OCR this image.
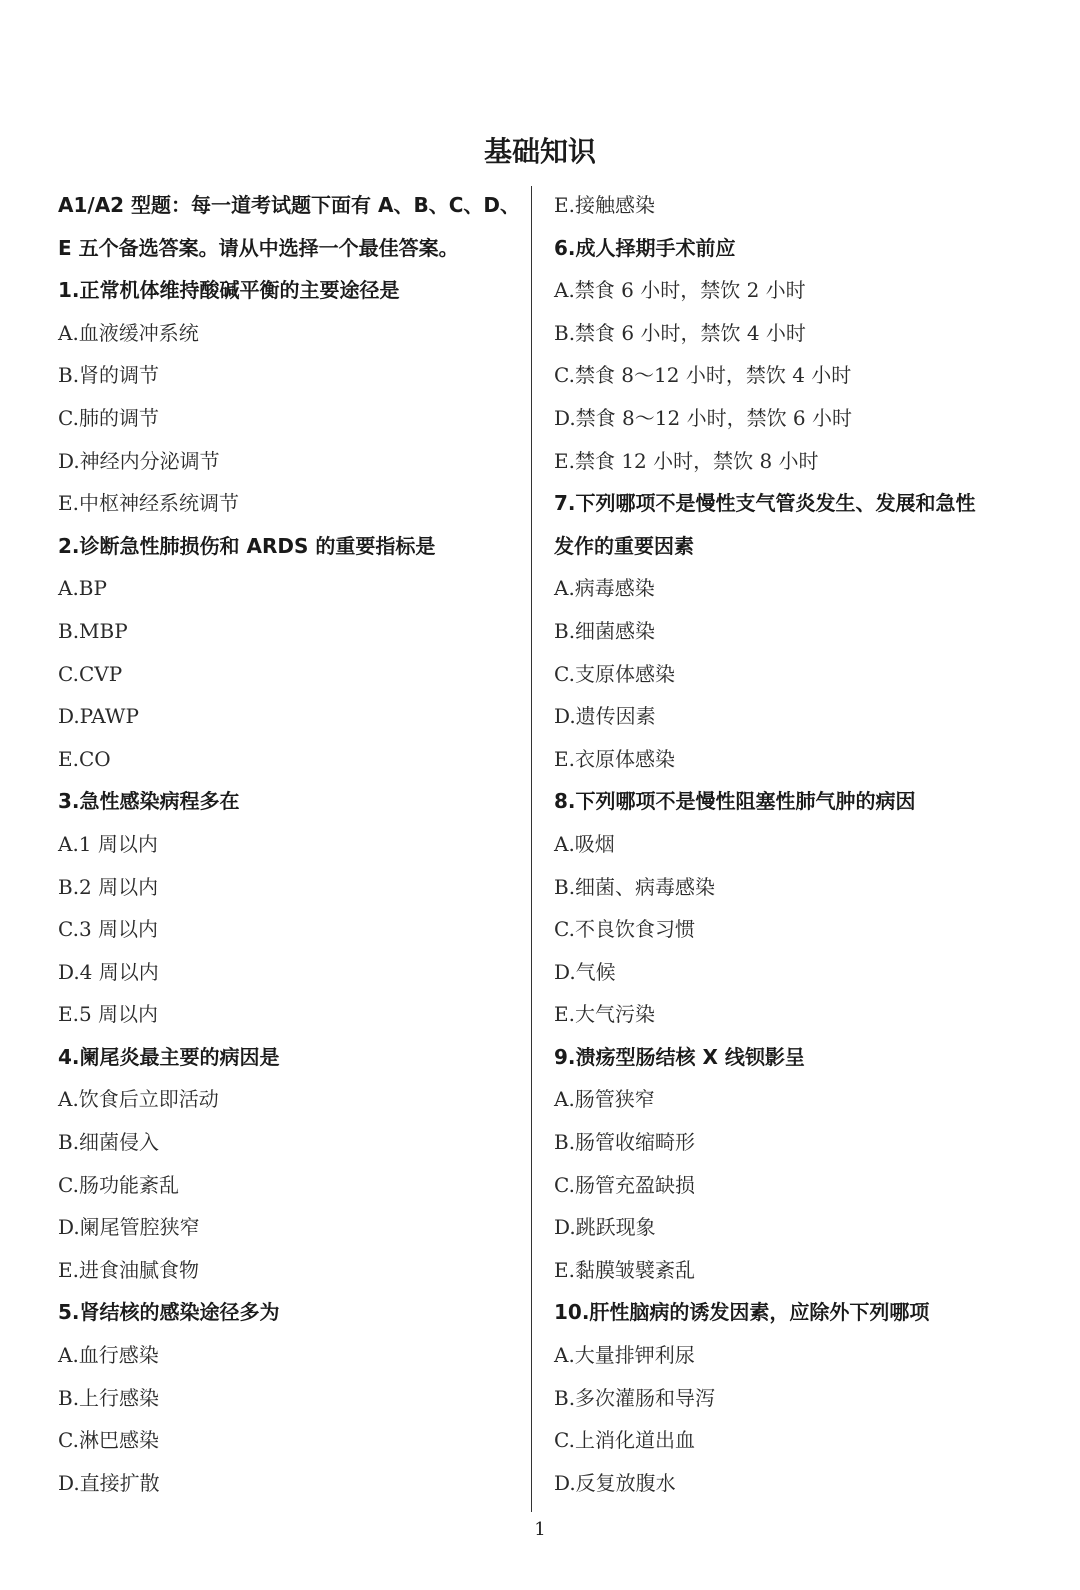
基础知识
A1/A2 型题：每一道考试题下面有 A、B、C、D、
E 五个备选答案。请从中选择一个最佳答案。
1.正常机体维持酸碱平衡的主要途径是
A.血液缓冲系统
B.肾的调节
C.肺的调节
D.神经内分泌调节
E.中枢神经系统调节
2.诊断急性肺损伤和 ARDS 的重要指标是
A.BP
B.MBP
C.CVP
D.PAWP
E.CO
3.急性感染病程多在
A.1 周以内
B.2 周以内
C.3 周以内
D.4 周以内
E.5 周以内
4.阑尾炎最主要的病因是
A.饮食后立即活动
B.细菌侵入
C.肠功能紊乱
D.阑尾管腔狭窄
E.进食油腻食物
5.肾结核的感染途径多为
A.血行感染
B.上行感染
C.淋巴感染
D.直接扩散
E.接触感染
6.成人择期手术前应
A.禁食 6 小时，禁饮 2 小时
B.禁食 6 小时，禁饮 4 小时
C.禁食 8～12 小时，禁饮 4 小时
D.禁食 8～12 小时，禁饮 6 小时
E.禁食 12 小时，禁饮 8 小时
7.下列哪项不是慢性支气管炎发生、发展和急性
发作的重要因素
A.病毒感染
B.细菌感染
C.支原体感染
D.遗传因素
E.衣原体感染
8.下列哪项不是慢性阻塞性肺气肿的病因
A.吸烟
B.细菌、病毒感染
C.不良饮食习惯
D.气候
E.大气污染
9.溃疡型肠结核 X 线钡影呈
A.肠管狭窄
B.肠管收缩畸形
C.肠管充盈缺损
D.跳跃现象
E.黏膜皱襞紊乱
10.肝性脑病的诱发因素，应除外下列哪项
A.大量排钾利尿
B.多次灌肠和导泻
C.上消化道出血
D.反复放腹水
1
